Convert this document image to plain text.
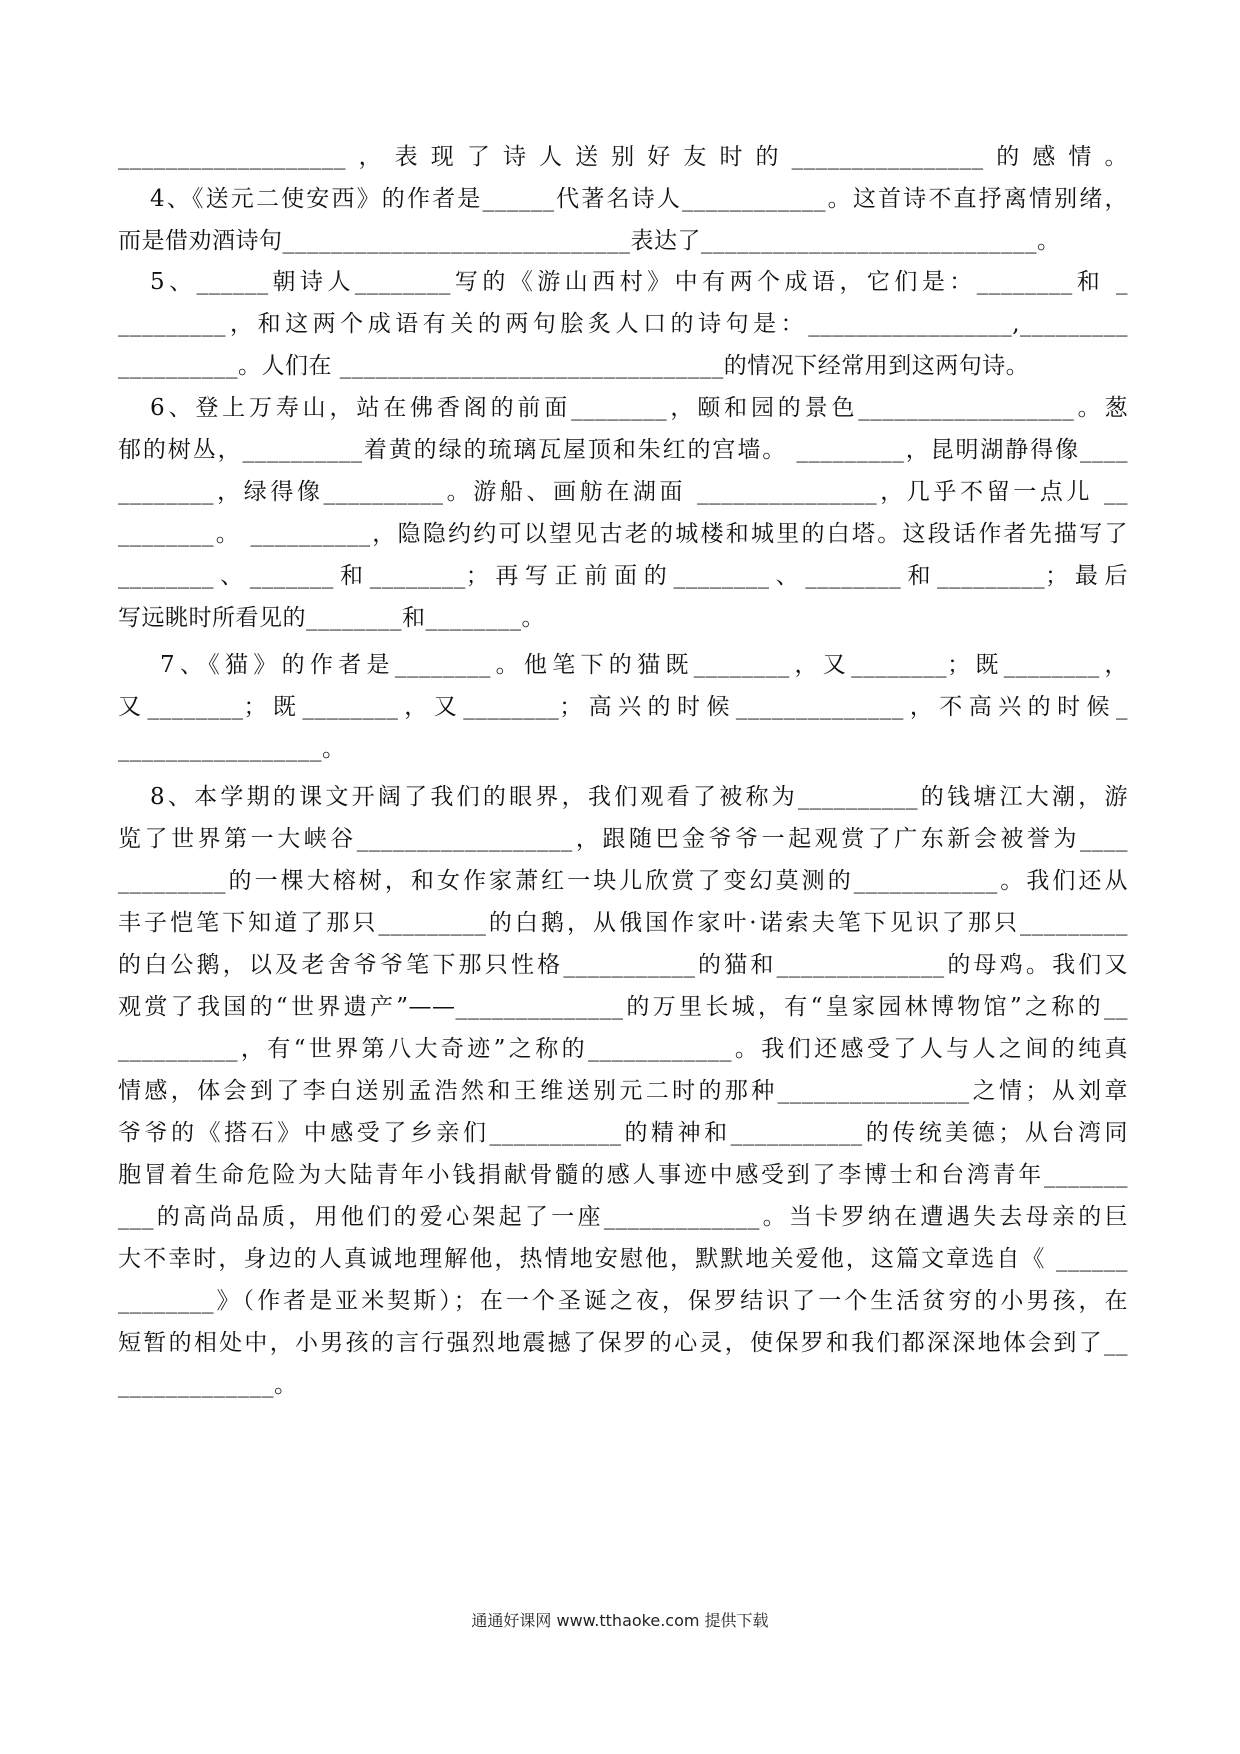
___________________，表现了诗人送别好友时的________________的感情。
4、《送元二使安西》的作者是______代著名诗人____________。这首诗不直抒离情别绪，
而是借劝酒诗句_____________________________表达了____________________________。
5、______朝诗人________写的《游山西村》中有两个成语，它们是：________和 _
_________，和这两个成语有关的两句脍炙人口的诗句是：_________________,_________
__________。人们在 ________________________________的情况下经常用到这两句诗。
6、登上万寿山，站在佛香阁的前面________，颐和园的景色__________________。葱
郁的树丛，__________着黄的绿的琉璃瓦屋顶和朱红的宫墙。 _________，昆明湖静得像____
________，绿得像__________。游船、画舫在湖面 _______________，几乎不留一点儿 __
________。 __________，隐隐约约可以望见古老的城楼和城里的白塔。这段话作者先描写了
________、_______和________；再写正前面的________、________和_________；最后
写远眺时所看见的________和________。
7、《猫》的作者是________。他笔下的猫既________，又________；既________，
又________；既________，又________；高兴的时候______________，不高兴的时候_
_________________。
8、本学期的课文开阔了我们的眼界，我们观看了被称为__________的钱塘江大潮，游
览了世界第一大峡谷__________________，跟随巴金爷爷一起观赏了广东新会被誉为____
_________的一棵大榕树，和女作家萧红一块儿欣赏了变幻莫测的____________。我们还从
丰子恺笔下知道了那只_________的白鹅，从俄国作家叶·诺索夫笔下见识了那只_________
的白公鹅，以及老舍爷爷笔下那只性格___________的猫和______________的母鸡。我们又
观赏了我国的“世界遗产”——______________的万里长城，有“皇家园林博物馆”之称的__
__________，有“世界第八大奇迹”之称的____________。我们还感受了人与人之间的纯真
情感，体会到了李白送别孟浩然和王维送别元二时的那种________________之情；从刘章
爷爷的《搭石》中感受了乡亲们___________的精神和___________的传统美德；从台湾同
胞冒着生命危险为大陆青年小钱捐献骨髓的感人事迹中感受到了李博士和台湾青年_______
___的高尚品质，用他们的爱心架起了一座_____________。当卡罗纳在遭遇失去母亲的巨
大不幸时，身边的人真诚地理解他，热情地安慰他，默默地关爱他，这篇文章选自《 ______
________》（作者是亚米契斯）；在一个圣诞之夜，保罗结识了一个生活贫穷的小男孩，在
短暂的相处中，小男孩的言行强烈地震撼了保罗的心灵，使保罗和我们都深深地体会到了__
_____________。
通通好课网 www.tthaoke.com 提供下载
